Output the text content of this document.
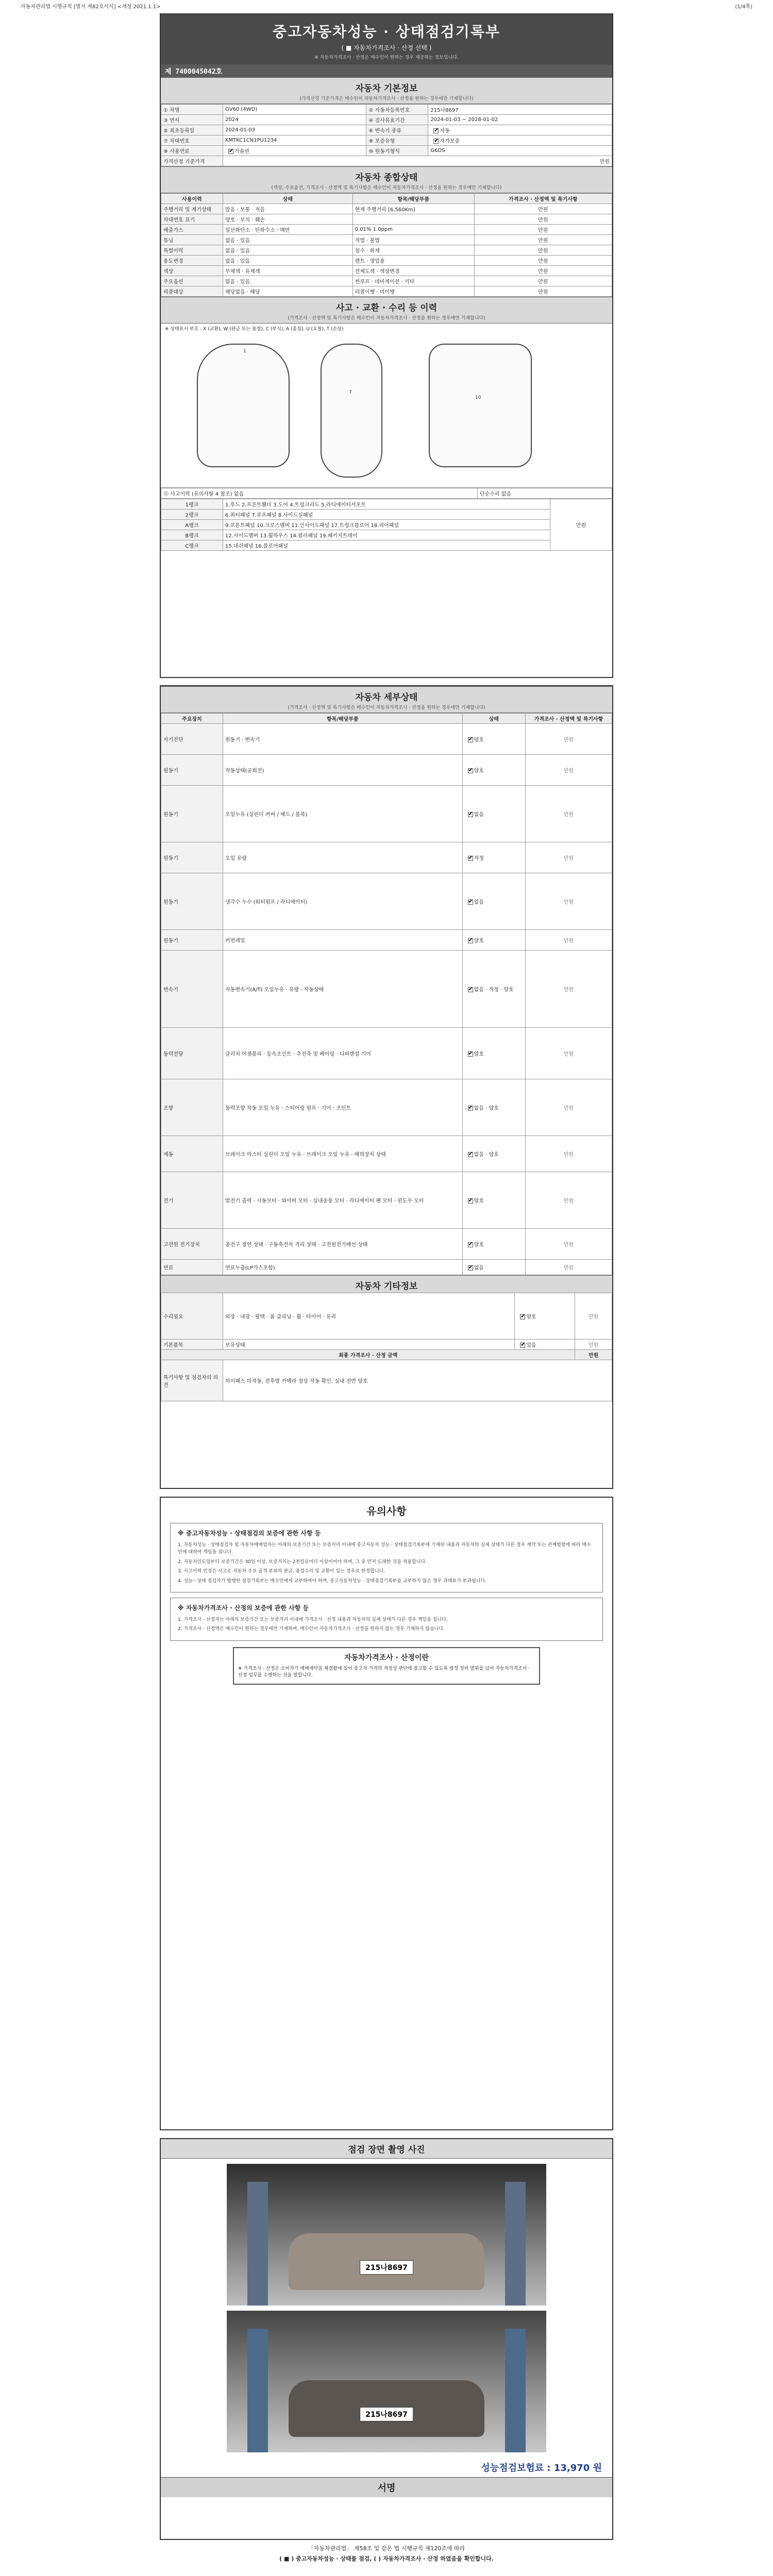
자동차관리법 시행규칙 [별지 제82호서식] <개정 2021.1.1>	(1/4쪽)
중고자동차성능 · 상태점검기록부
( ■ 자동차가격조사 · 산정 선택 )
※ 자동차가격조사 · 산정은 매수인이 원하는 경우 제공하는 정보입니다.
제 7400045042호
자동차 기본정보
(가격산정 기준가격은 매수인이 자동차가격조사 · 산정을 원하는 경우에만 기재합니다)
① 차명	GV60 (4WD)	② 자동차등록번호	215나8697
③ 연식	2024	④ 검사유효기간	2024-01-03 ~ 2028-01-02
⑤ 최초등록일	2024-01-03	⑥ 변속기 종류	✔자동
⑦ 차대번호	KMTKC1CN1PU1234	⑧ 보증유형	✔자가보증
⑨ 사용연료	✔가솔린	⑩ 원동기형식	G6DS
가격산정 기준가격	만원		
자동차 종합상태
(색상, 주요옵션, 가격조사 · 산정액 및 특기사항은 매수인이 자동차가격조사 · 산정을 원하는 경우에만 기재합니다)
사용이력	상태	항목/해당부품	가격조사 · 산정액 및 특기사항
주행거리 및 계기상태	많음 · 보통 · 적음	현재 주행거리 [6,560Km]	만원
차대번호 표기	양호 · 부식 · 훼손		만원
배출가스	일산화탄소 · 탄화수소 · 매연	0.01% 1.0ppm	만원
튜닝	없음 · 있음	적법 · 불법	만원
특별이력	없음 · 있음	침수 · 화재	만원
용도변경	없음 · 있음	렌트 · 영업용	만원
색상	무채색 · 유채색	전체도색 · 색상변경	만원
주요옵션	없음 · 있음	썬루프 · 네비게이션 · 기타	만원
리콜대상	해당없음 · 해당	리콜이행 · 미이행	만원
사고 · 교환 · 수리 등 이력
(가격조사 · 산정액 및 특기사항은 매수인이 자동차가격조사 · 산정을 원하는 경우에만 기재합니다)
※ 상태표시 부호 : X (교환), W (판금 또는 용접), C (부식), A (흠집), U (요철), T (손상)
1
7
10
⑪ 사고이력 (유의사항 4 참조) 없음	단순수리 없음
1랭크	1.후드 2.프론트휀더 3.도어 4.트렁크리드 5.라디에이터서포트	만원
2랭크	6.쿼터패널 7.루프패널 8.사이드실패널	
A랭크	9.프론트패널 10.크로스멤버 11.인사이드패널 17.트렁크플로어 18.리어패널	
B랭크	12.사이드멤버 13.휠하우스 14.필러패널 19.패키지트레이	
C랭크	15.대쉬패널 16.플로어패널	
자동차 세부상태
(가격조사 · 산정액 및 특기사항은 매수인이 자동차가격조사 · 산정을 원하는 경우에만 기재합니다)
주요장치	항목/해당부품	상태	가격조사 · 산정액 및 특기사항
자기진단	원동기 · 변속기	✔양호	만원
원동기	작동상태(공회전)	✔양호	만원
원동기	오일누유 (실린더 커버 / 헤드 / 블록)	✔없음	만원
원동기	오일 유량	✔적정	만원
원동기	냉각수 누수 (워터펌프 / 라디에이터)	✔없음	만원
원동기	커먼레일	✔양호	만원
변속기	자동변속기(A/T) 오일누유 · 유량 · 작동상태	✔없음 · 적정 · 양호	만원
동력전달	클러치 어셈블리 · 등속조인트 · 추진축 및 베어링 · 디퍼렌셜 기어	✔양호	만원
조향	동력조향 작동 오일 누유 · 스티어링 펌프 · 기어 · 조인트	✔없음 · 양호	만원
제동	브레이크 마스터 실린더 오일 누유 · 브레이크 오일 누유 · 배력장치 상태	✔없음 · 양호	만원
전기	발전기 출력 · 시동모터 · 와이퍼 모터 · 실내송풍 모터 · 라디에이터 팬 모터 · 윈도우 모터	✔양호	만원
고전원 전기장치	충전구 절연 상태 · 구동축전지 격리 상태 · 고전원전기배선 상태	✔양호	만원
연료	연료누출(LP가스포함)	✔없음	만원
자동차 기타정보
수리필요	외장 · 내장 · 광택 · 룸 클리닝 · 휠 · 타이어 · 유리	✔양호	만원
기본품목	보유상태	✔있음	만원
최종 가격조사 · 산정 금액			만원
특기사항 및 점검자의 의견	하이패스 미작동, 전후방 카메라 정상 작동 확인, 실내 전반 양호		
유의사항
※ 중고자동차성능 · 상태점검의 보증에 관한 사항 등

1. 자동차성능 · 상태점검자 및 자동차매매업자는 아래의 보증기간 또는 보증거리 이내에 중고자동차 성능 · 상태점검기록부에 기재된 내용과 자동차의 실제 상태가 다른 경우 계약 또는 관계법령에 따라 매수인에 대하여 책임을 집니다.

2. 자동차인도일부터 보증기간은 30일 이상, 보증거리는 2천킬로미터 이상이어야 하며, 그 중 먼저 도래한 것을 적용합니다.

3. 사고이력 인정은 사고로 자동차 주요 골격 부위의 판금, 용접수리 및 교환이 있는 경우로 한정합니다.

4. 성능 · 상태 점검자가 발행한 점검기록부는 매수인에게 교부하여야 하며, 중고자동차성능 · 상태점검기록부를 교부하지 않은 경우 과태료가 부과됩니다.

※ 자동차가격조사 · 산정의 보증에 관한 사항 등

1. 가격조사 · 산정자는 아래의 보증기간 또는 보증거리 이내에 가격조사 · 산정 내용과 자동차의 실제 상태가 다른 경우 책임을 집니다.

2. 가격조사 · 산정액은 매수인이 원하는 경우에만 기재하며, 매수인이 자동차가격조사 · 산정을 원하지 않는 경우 기재하지 않습니다.

자동차가격조사 · 산정이란

※ 가격조사 · 산정은 소비자가 매매계약을 체결함에 있어 중고차 가격의 적정성 판단에 참고할 수 있도록 법정 정비 범위를 넘어 자동차가격조사 · 산정 업무를 수행하는 것을 말합니다.

점검 장면 촬영 사진
215나8697
215나8697
성능점검보험료 : 13,970 원
서명
「자동차관리법」 제58조 및 같은 법 시행규칙 제120조에 따라
( ■ ) 중고자동차성능 · 상태를 점검, ( ) 자동차가격조사 · 산정 하였음을 확인합니다.
